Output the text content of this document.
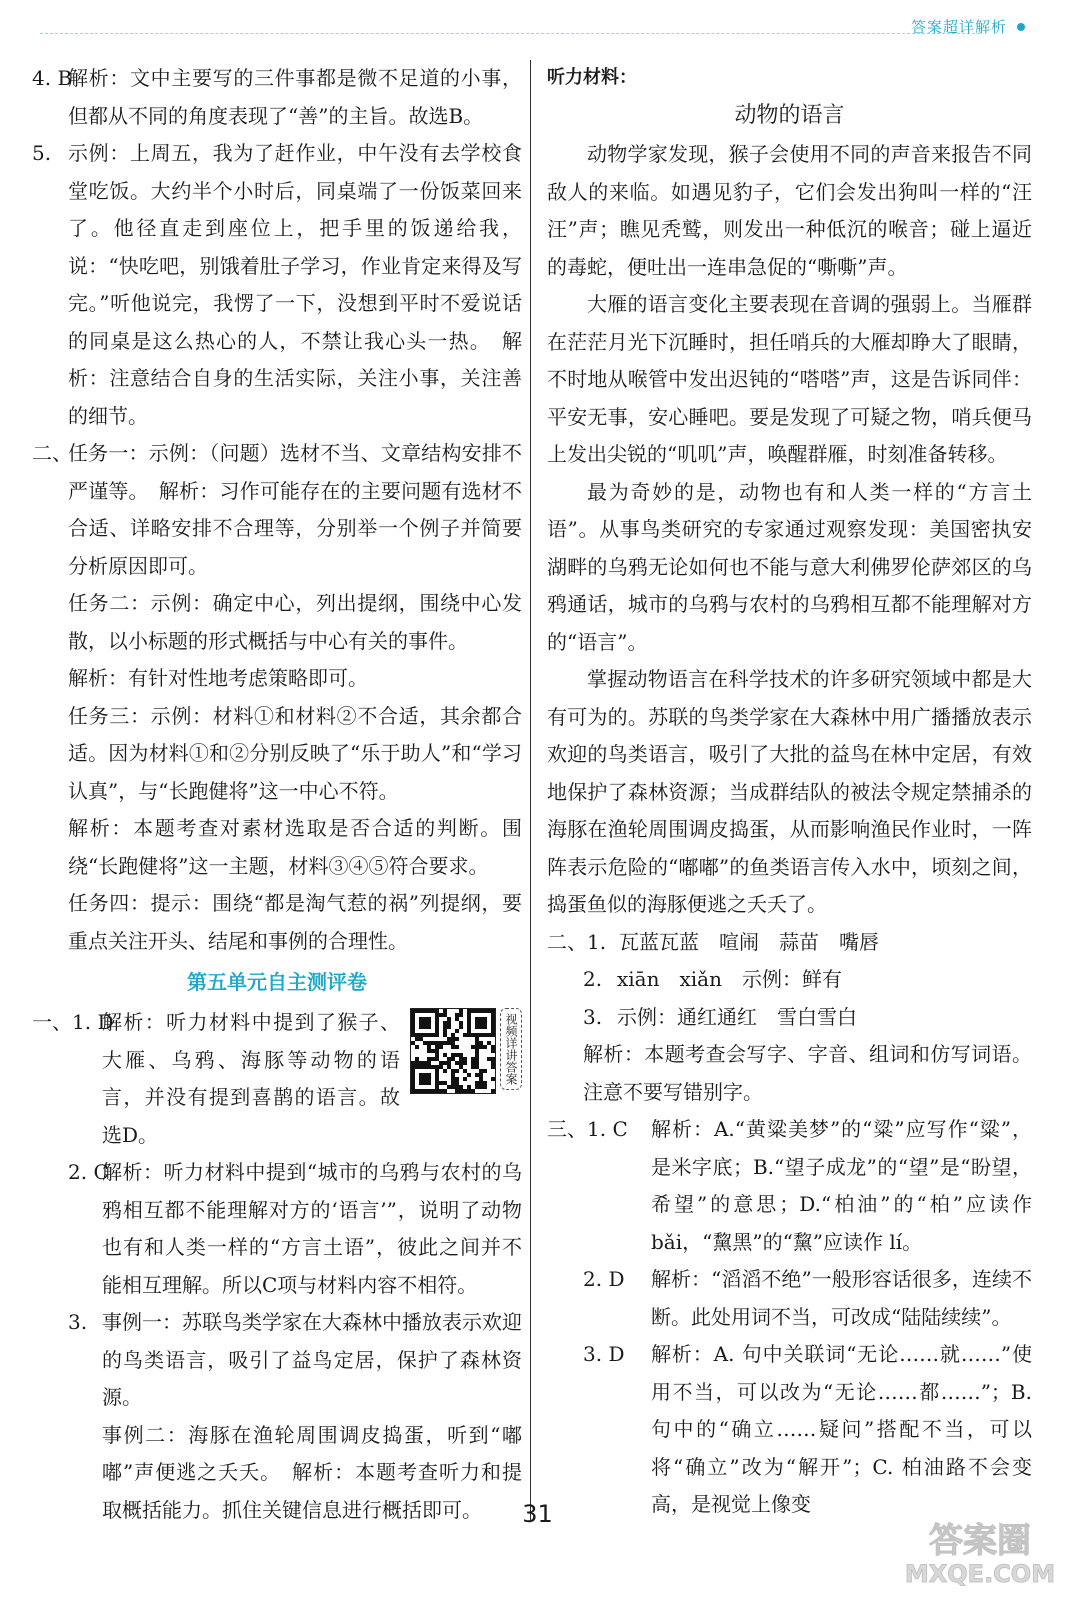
答案超详解析

4. B
解析：文中主要写的三件事都是微不足道的小事，但都从不同的角度表现了“善”的主旨。故选B。

5. 示例：上周五，我为了赶作业，中午没有去学校食堂吃饭。大约半个小时后，同桌端了一份饭菜回来了。他径直走到座位上，把手里的饭递给我，说：“快吃吧，别饿着肚子学习，作业肯定来得及写完。”听他说完，我愣了一下，没想到平时不爱说话的同桌是这么热心的人，不禁让我心头一热。　解析：注意结合自身的生活实际，关注小事，关注善的细节。

二、
任务一：示例：（问题）选材不当、文章结构安排不严谨等。　解析：习作可能存在的主要问题有选材不合适、详略安排不合理等，分别举一个例子并简要分析原因即可。

任务二：示例：确定中心，列出提纲，围绕中心发散，以小标题的形式概括与中心有关的事件。

解析：有针对性地考虑策略即可。

任务三：示例：材料①和材料②不合适，其余都合适。因为材料①和②分别反映了“乐于助人”和“学习认真”，与“长跑健将”这一中心不符。

解析：本题考查对素材选取是否合适的判断。围绕“长跑健将”这一主题，材料③④⑤符合要求。

任务四：提示：围绕“都是淘气惹的祸”列提纲，要重点关注开头、结尾和事例的合理性。

第五单元自主测评卷

一、1. D	视频详讲答案
解析：听力材料中提到了猴子、大雁、乌鸦、海豚等动物的语言，并没有提到喜鹊的语言。故选D。

2. C
解析：听力材料中提到“城市的乌鸦与农村的乌鸦相互都不能理解对方的‘语言’”，说明了动物也有和人类一样的“方言土语”，彼此之间并不能相互理解。所以C项与材料内容不相符。

3. 事例一：苏联鸟类学家在大森林中播放表示欢迎的鸟类语言，吸引了益鸟定居，保护了森林资源。

事例二：海豚在渔轮周围调皮捣蛋，听到“嘟嘟”声便逃之夭夭。　解析：本题考查听力和提取概括能力。抓住关键信息进行概括即可。

听力材料：
动物的语言

动物学家发现，猴子会使用不同的声音来报告不同敌人的来临。如遇见豹子，它们会发出狗叫一样的“汪汪”声；瞧见秃鹫，则发出一种低沉的喉音；碰上逼近的毒蛇，便吐出一连串急促的“嘶嘶”声。

大雁的语言变化主要表现在音调的强弱上。当雁群在茫茫月光下沉睡时，担任哨兵的大雁却睁大了眼睛，不时地从喉管中发出迟钝的“嗒嗒”声，这是告诉同伴：平安无事，安心睡吧。要是发现了可疑之物，哨兵便马上发出尖锐的“叽叽”声，唤醒群雁，时刻准备转移。

最为奇妙的是，动物也有和人类一样的“方言土语”。从事鸟类研究的专家通过观察发现：美国密执安湖畔的乌鸦无论如何也不能与意大利佛罗伦萨郊区的乌鸦通话，城市的乌鸦与农村的乌鸦相互都不能理解对方的“语言”。

掌握动物语言在科学技术的许多研究领域中都是大有可为的。苏联的鸟类学家在大森林中用广播播放表示欢迎的鸟类语言，吸引了大批的益鸟在林中定居，有效地保护了森林资源；当成群结队的被法令规定禁捕杀的海豚在渔轮周围调皮捣蛋，从而影响渔民作业时，一阵阵表示危险的“嘟嘟”的鱼类语言传入水中，顷刻之间，捣蛋鱼似的海豚便逃之夭夭了。

二、1. 瓦蓝瓦蓝　喧闹　蒜苗　嘴唇

2. xiān　xiǎn　示例：鲜有

3. 示例：通红通红　雪白雪白

解析：本题考查会写字、字音、组词和仿写词语。注意不要写错别字。

三、1. C 解析：A.“黄粱美梦”的“粱”应写作“粱”，是米字底；B.“望子成龙”的“望”是“盼望，希望”的意思；D.“柏油”的“柏”应读作 bǎi，“黧黑”的“黧”应读作 lí。

2. D 解析：“滔滔不绝”一般形容话很多，连续不断。此处用词不当，可改成“陆陆续续”。

3. D 解析：A. 句中关联词“无论……就……”使用不当，可以改为“无论……都……”；B. 句中的“确立……疑问”搭配不当，可以将“确立”改为“解开”；C. 柏油路不会变高，是视觉上像变

31
答案圈
MXQE.COM
